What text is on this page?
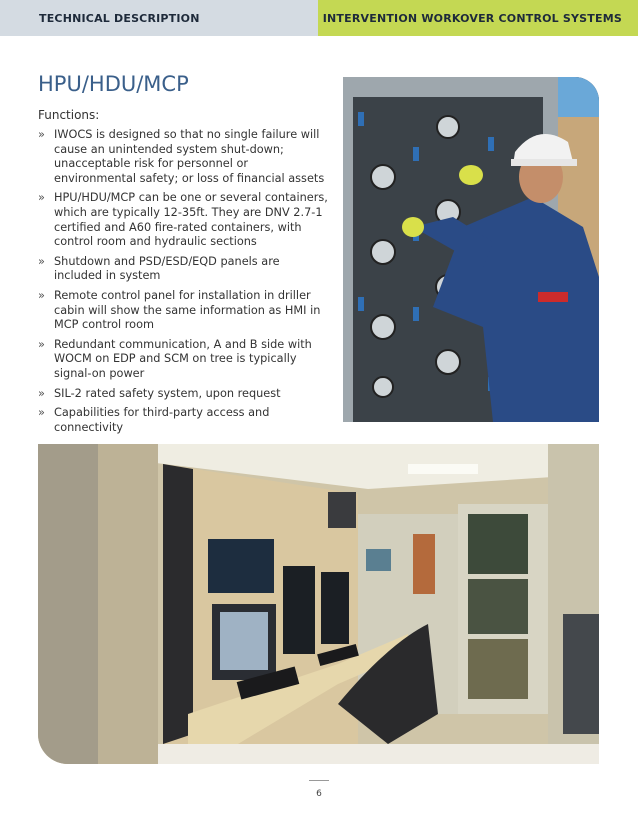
TECHNICAL DESCRIPTION	INTERVENTION WORKOVER CONTROL SYSTEMS
HPU/HDU/MCP
Functions:
» IWOCS is designed so that no single failure will cause an unintended system shut-down; unacceptable risk for personnel or environmental safety; or loss of financial assets
» HPU/HDU/MCP can be one or several containers, which are typically 12-35ft. They are DNV 2.7-1 certified and A60 fire-rated containers, with control room and hydraulic sections
» Shutdown and PSD/ESD/EQD panels are included in system
» Remote control panel for installation in driller cabin will show the same information as HMI in MCP control room
» Redundant communication, A and B side with WOCM on EDP and SCM on tree is typically signal-on power
» SIL-2 rated safety system, upon request
» Capabilities for third-party access and connectivity
6
